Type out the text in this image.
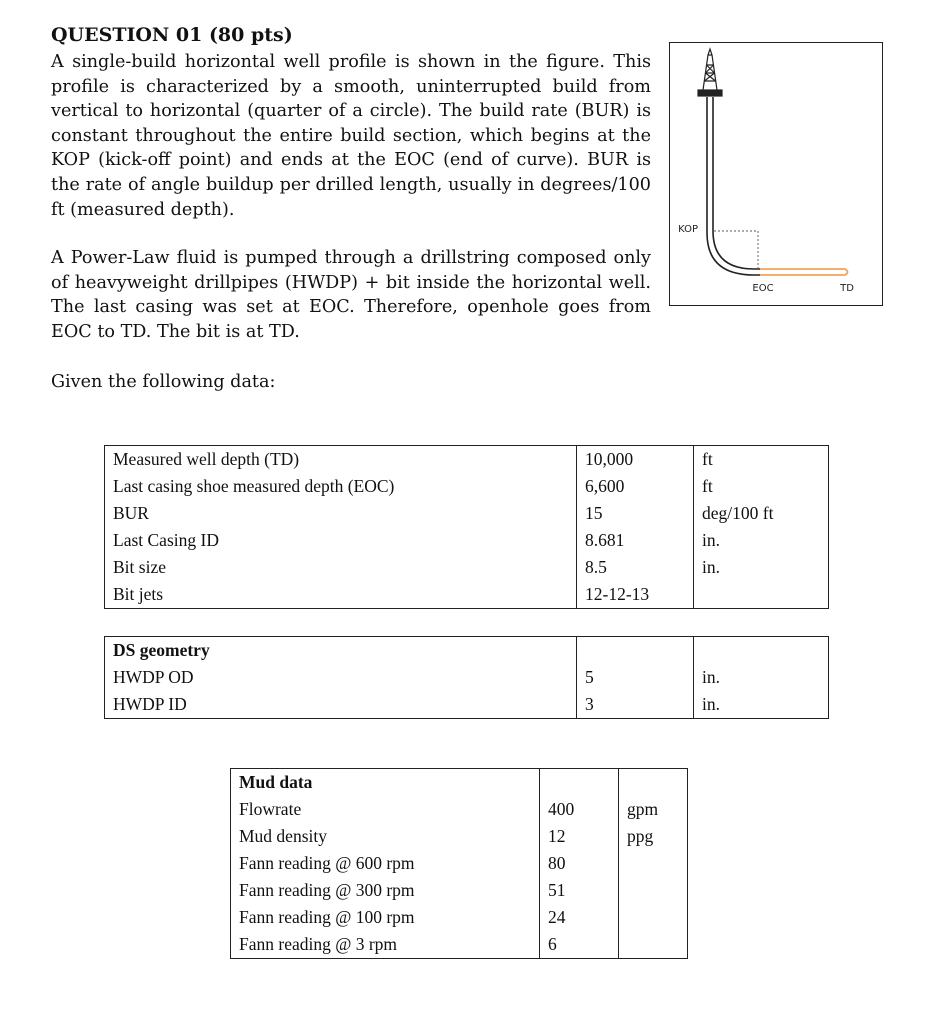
QUESTION 01 (80 pts)
A single-build horizontal well profile is shown in the figure. This profile is characterized by a smooth, uninterrupted build from vertical to horizontal (quarter of a circle). The build rate (BUR) is constant throughout the entire build section, which begins at the KOP (kick-off point) and ends at the EOC (end of curve). BUR is the rate of angle buildup per drilled length, usually in degrees/100 ft (measured depth).
A Power-Law fluid is pumped through a drillstring composed only of heavyweight drillpipes (HWDP) + bit inside the horizontal well. The last casing was set at EOC. Therefore, openhole goes from EOC to TD. The bit is at TD.
Given the following data:
KOP
EOC	TD
Measured well depth (TD)	10,000	ft
Last casing shoe measured depth (EOC)	6,600	ft
BUR	15	deg/100 ft
Last Casing ID	8.681	in.
Bit size	8.5	in.
Bit jets	12-12-13	
DS geometry		
HWDP OD	5	in.
HWDP ID	3	in.
Mud data		
Flowrate	400	gpm
Mud density	12	ppg
Fann reading @ 600 rpm	80	
Fann reading @ 300 rpm	51	
Fann reading @ 100 rpm	24	
Fann reading @ 3 rpm	6	
